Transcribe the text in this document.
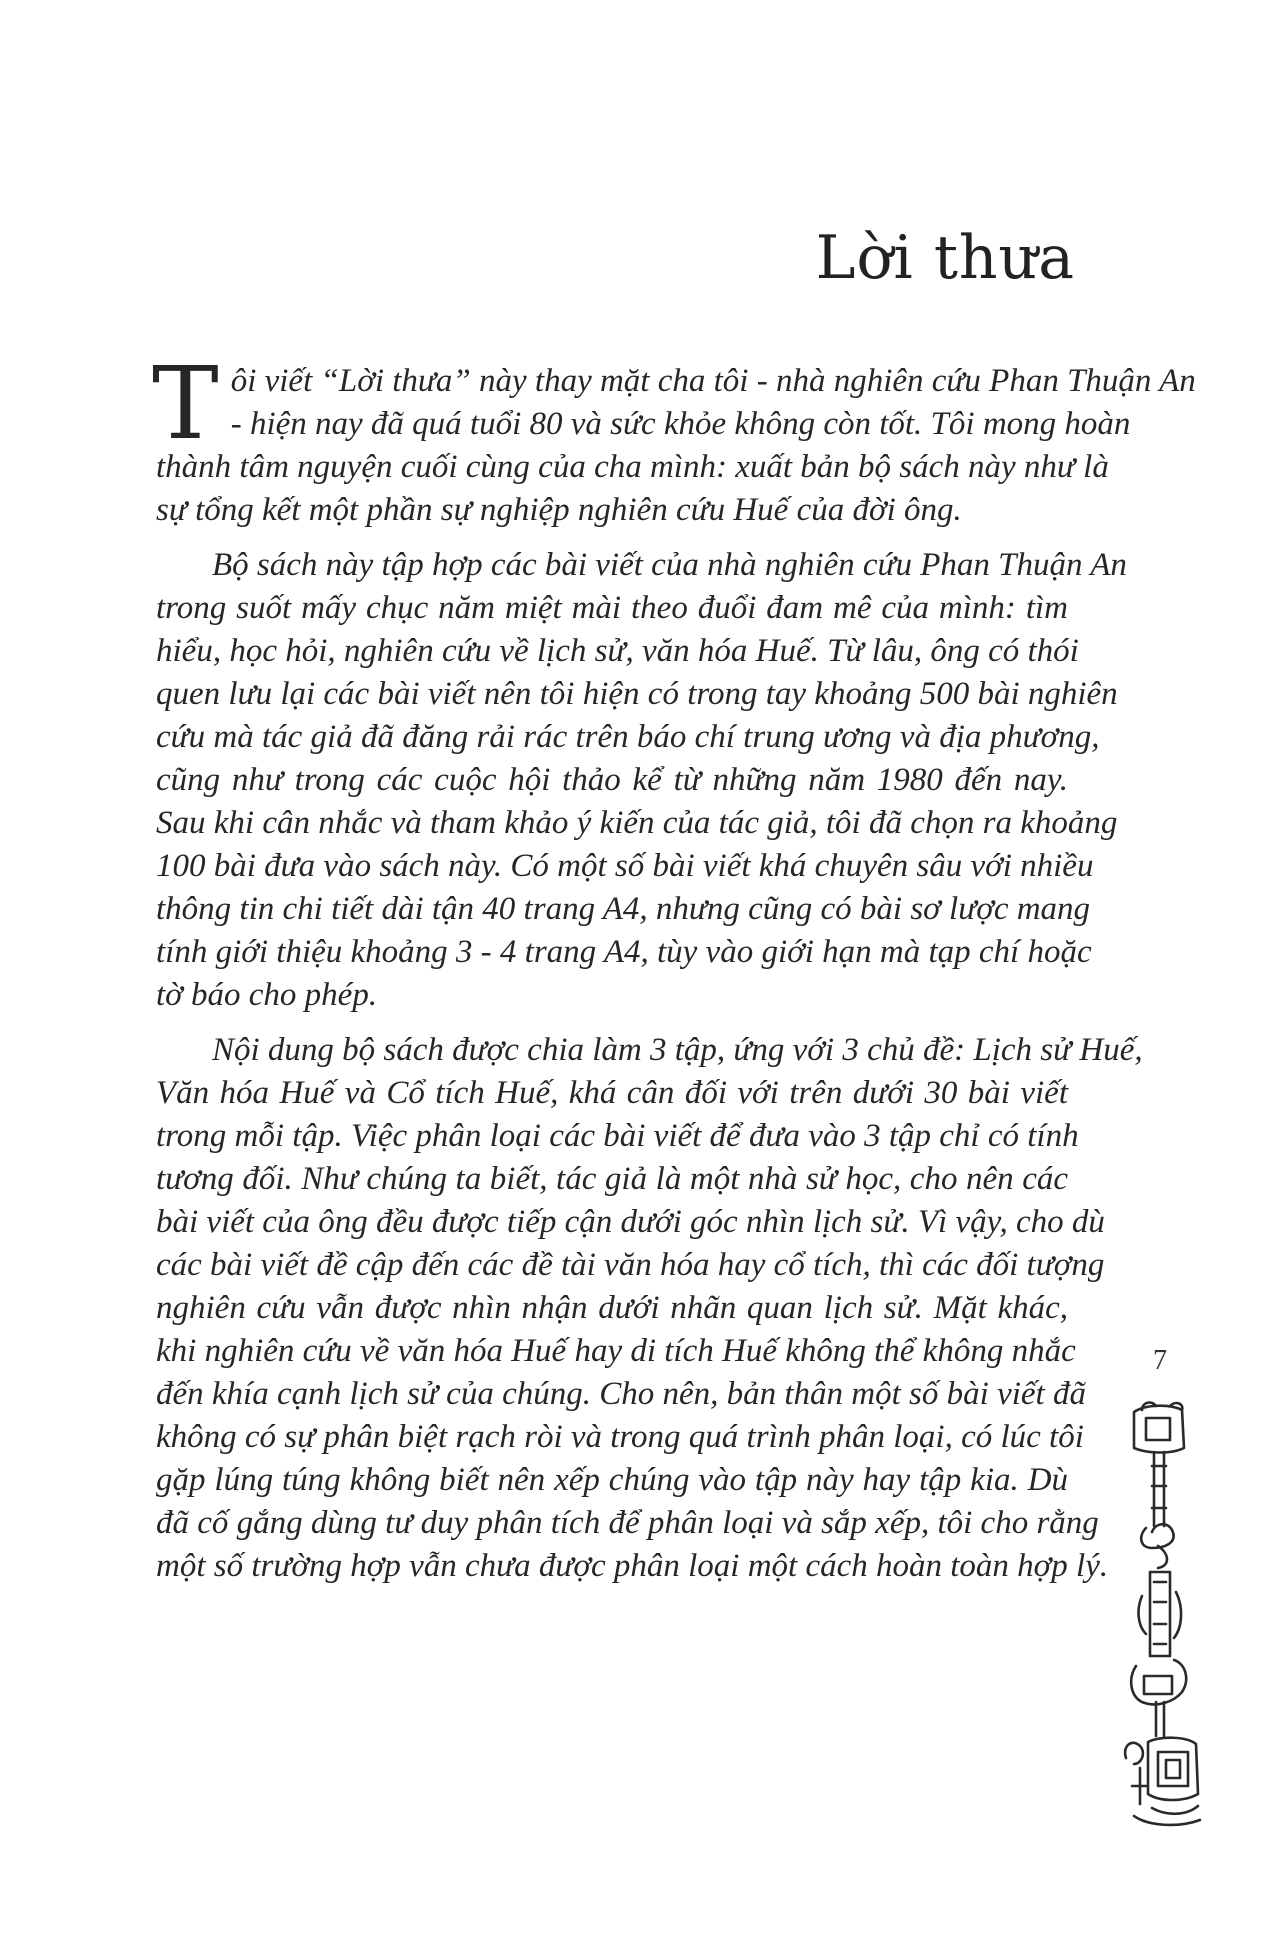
Lời thưa

T ôi viết “Lời thưa” này thay mặt cha tôi - nhà nghiên cứu Phan Thuận An
- hiện nay đã quá tuổi 80 và sức khỏe không còn tốt. Tôi mong hoàn
thành tâm nguyện cuối cùng của cha mình: xuất bản bộ sách này như là
sự tổng kết một phần sự nghiệp nghiên cứu Huế của đời ông.

Bộ sách này tập hợp các bài viết của nhà nghiên cứu Phan Thuận An
trong suốt mấy chục năm miệt mài theo đuổi đam mê của mình: tìm
hiểu, học hỏi, nghiên cứu về lịch sử, văn hóa Huế. Từ lâu, ông có thói
quen lưu lại các bài viết nên tôi hiện có trong tay khoảng 500 bài nghiên
cứu mà tác giả đã đăng rải rác trên báo chí trung ương và địa phương,
cũng như trong các cuộc hội thảo kể từ những năm 1980 đến nay.
Sau khi cân nhắc và tham khảo ý kiến của tác giả, tôi đã chọn ra khoảng
100 bài đưa vào sách này. Có một số bài viết khá chuyên sâu với nhiều
thông tin chi tiết dài tận 40 trang A4, nhưng cũng có bài sơ lược mang
tính giới thiệu khoảng 3 - 4 trang A4, tùy vào giới hạn mà tạp chí hoặc
tờ báo cho phép.

Nội dung bộ sách được chia làm 3 tập, ứng với 3 chủ đề: Lịch sử Huế,
Văn hóa Huế và Cổ tích Huế, khá cân đối với trên dưới 30 bài viết
trong mỗi tập. Việc phân loại các bài viết để đưa vào 3 tập chỉ có tính
tương đối. Như chúng ta biết, tác giả là một nhà sử học, cho nên các
bài viết của ông đều được tiếp cận dưới góc nhìn lịch sử. Vì vậy, cho dù
các bài viết đề cập đến các đề tài văn hóa hay cổ tích, thì các đối tượng
nghiên cứu vẫn được nhìn nhận dưới nhãn quan lịch sử. Mặt khác,
khi nghiên cứu về văn hóa Huế hay di tích Huế không thể không nhắc
đến khía cạnh lịch sử của chúng. Cho nên, bản thân một số bài viết đã
không có sự phân biệt rạch ròi và trong quá trình phân loại, có lúc tôi
gặp lúng túng không biết nên xếp chúng vào tập này hay tập kia. Dù
đã cố gắng dùng tư duy phân tích để phân loại và sắp xếp, tôi cho rằng
một số trường hợp vẫn chưa được phân loại một cách hoàn toàn hợp lý.

7
